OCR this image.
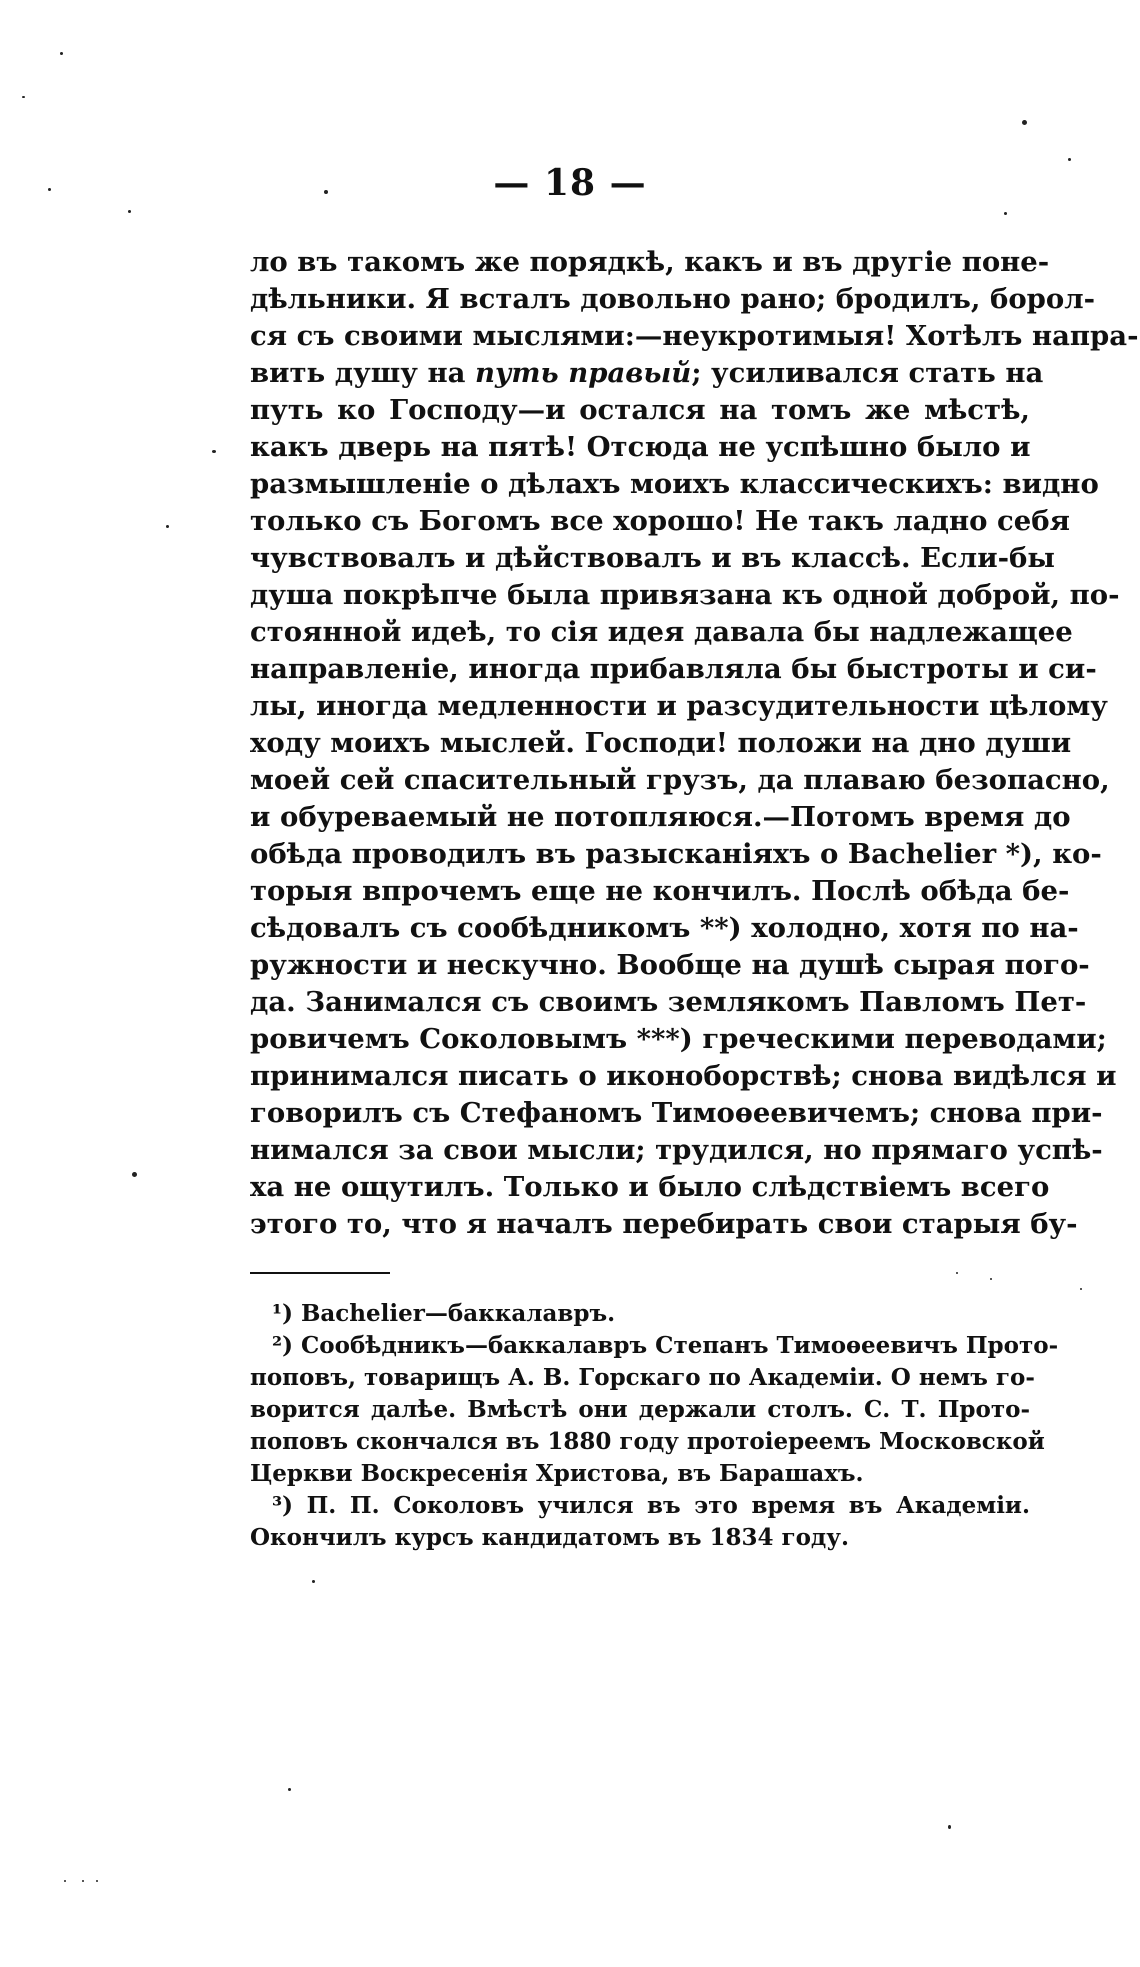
— 18 —
ло въ такомъ же порядкѣ, какъ и въ другіе поне-
дѣльники. Я всталъ довольно рано; бродилъ, борол-
ся съ своими мыслями:—неукротимыя! Хотѣлъ напра-
вить душу на путь правый; усиливался стать на
путь ко Господу—и остался на томъ же мѣстѣ,
какъ дверь на пятѣ! Отсюда не успѣшно было и
размышленіе о дѣлахъ моихъ классическихъ: видно
только съ Богомъ все хорошо! Не такъ ладно себя
чувствовалъ и дѣйствовалъ и въ классѣ. Если-бы
душа покрѣпче была привязана къ одной доброй, по-
стоянной идеѣ, то сія идея давала бы надлежащее
направленіе, иногда прибавляла бы быстроты и си-
лы, иногда медленности и разсудительности цѣлому
ходу моихъ мыслей. Господи! положи на дно души
моей сей спасительный грузъ, да плаваю безопасно,
и обуреваемый не потопляюся.—Потомъ время до
обѣда проводилъ въ разысканіяхъ о Bachelier *), ко-
торыя впрочемъ еще не кончилъ. Послѣ обѣда бе-
сѣдовалъ съ сообѣдникомъ **) холодно, хотя по на-
ружности и нескучно. Вообще на душѣ сырая пого-
да. Занимался съ своимъ землякомъ Павломъ Пет-
ровичемъ Соколовымъ ***) греческими переводами;
принимался писать о иконоборствѣ; снова видѣлся и
говорилъ съ Стефаномъ Тимоѳеевичемъ; снова при-
нимался за свои мысли; трудился, но прямаго успѣ-
ха не ощутилъ. Только и было слѣдствіемъ всего
этого то, что я началъ перебирать свои старыя бу-
¹) Bachelier—баккалавръ.
²) Сообѣдникъ—баккалавръ Степанъ Тимоѳеевичъ Прото-
поповъ, товарищъ А. В. Горскаго по Академіи. О немъ го-
ворится далѣе. Вмѣстѣ они держали столъ. С. Т. Прото-
поповъ скончался въ 1880 году протоіереемъ Московской
Церкви Воскресенія Христова, въ Барашахъ.
³) П. П. Соколовъ учился въ это время въ Академіи.
Окончилъ курсъ кандидатомъ въ 1834 году.
